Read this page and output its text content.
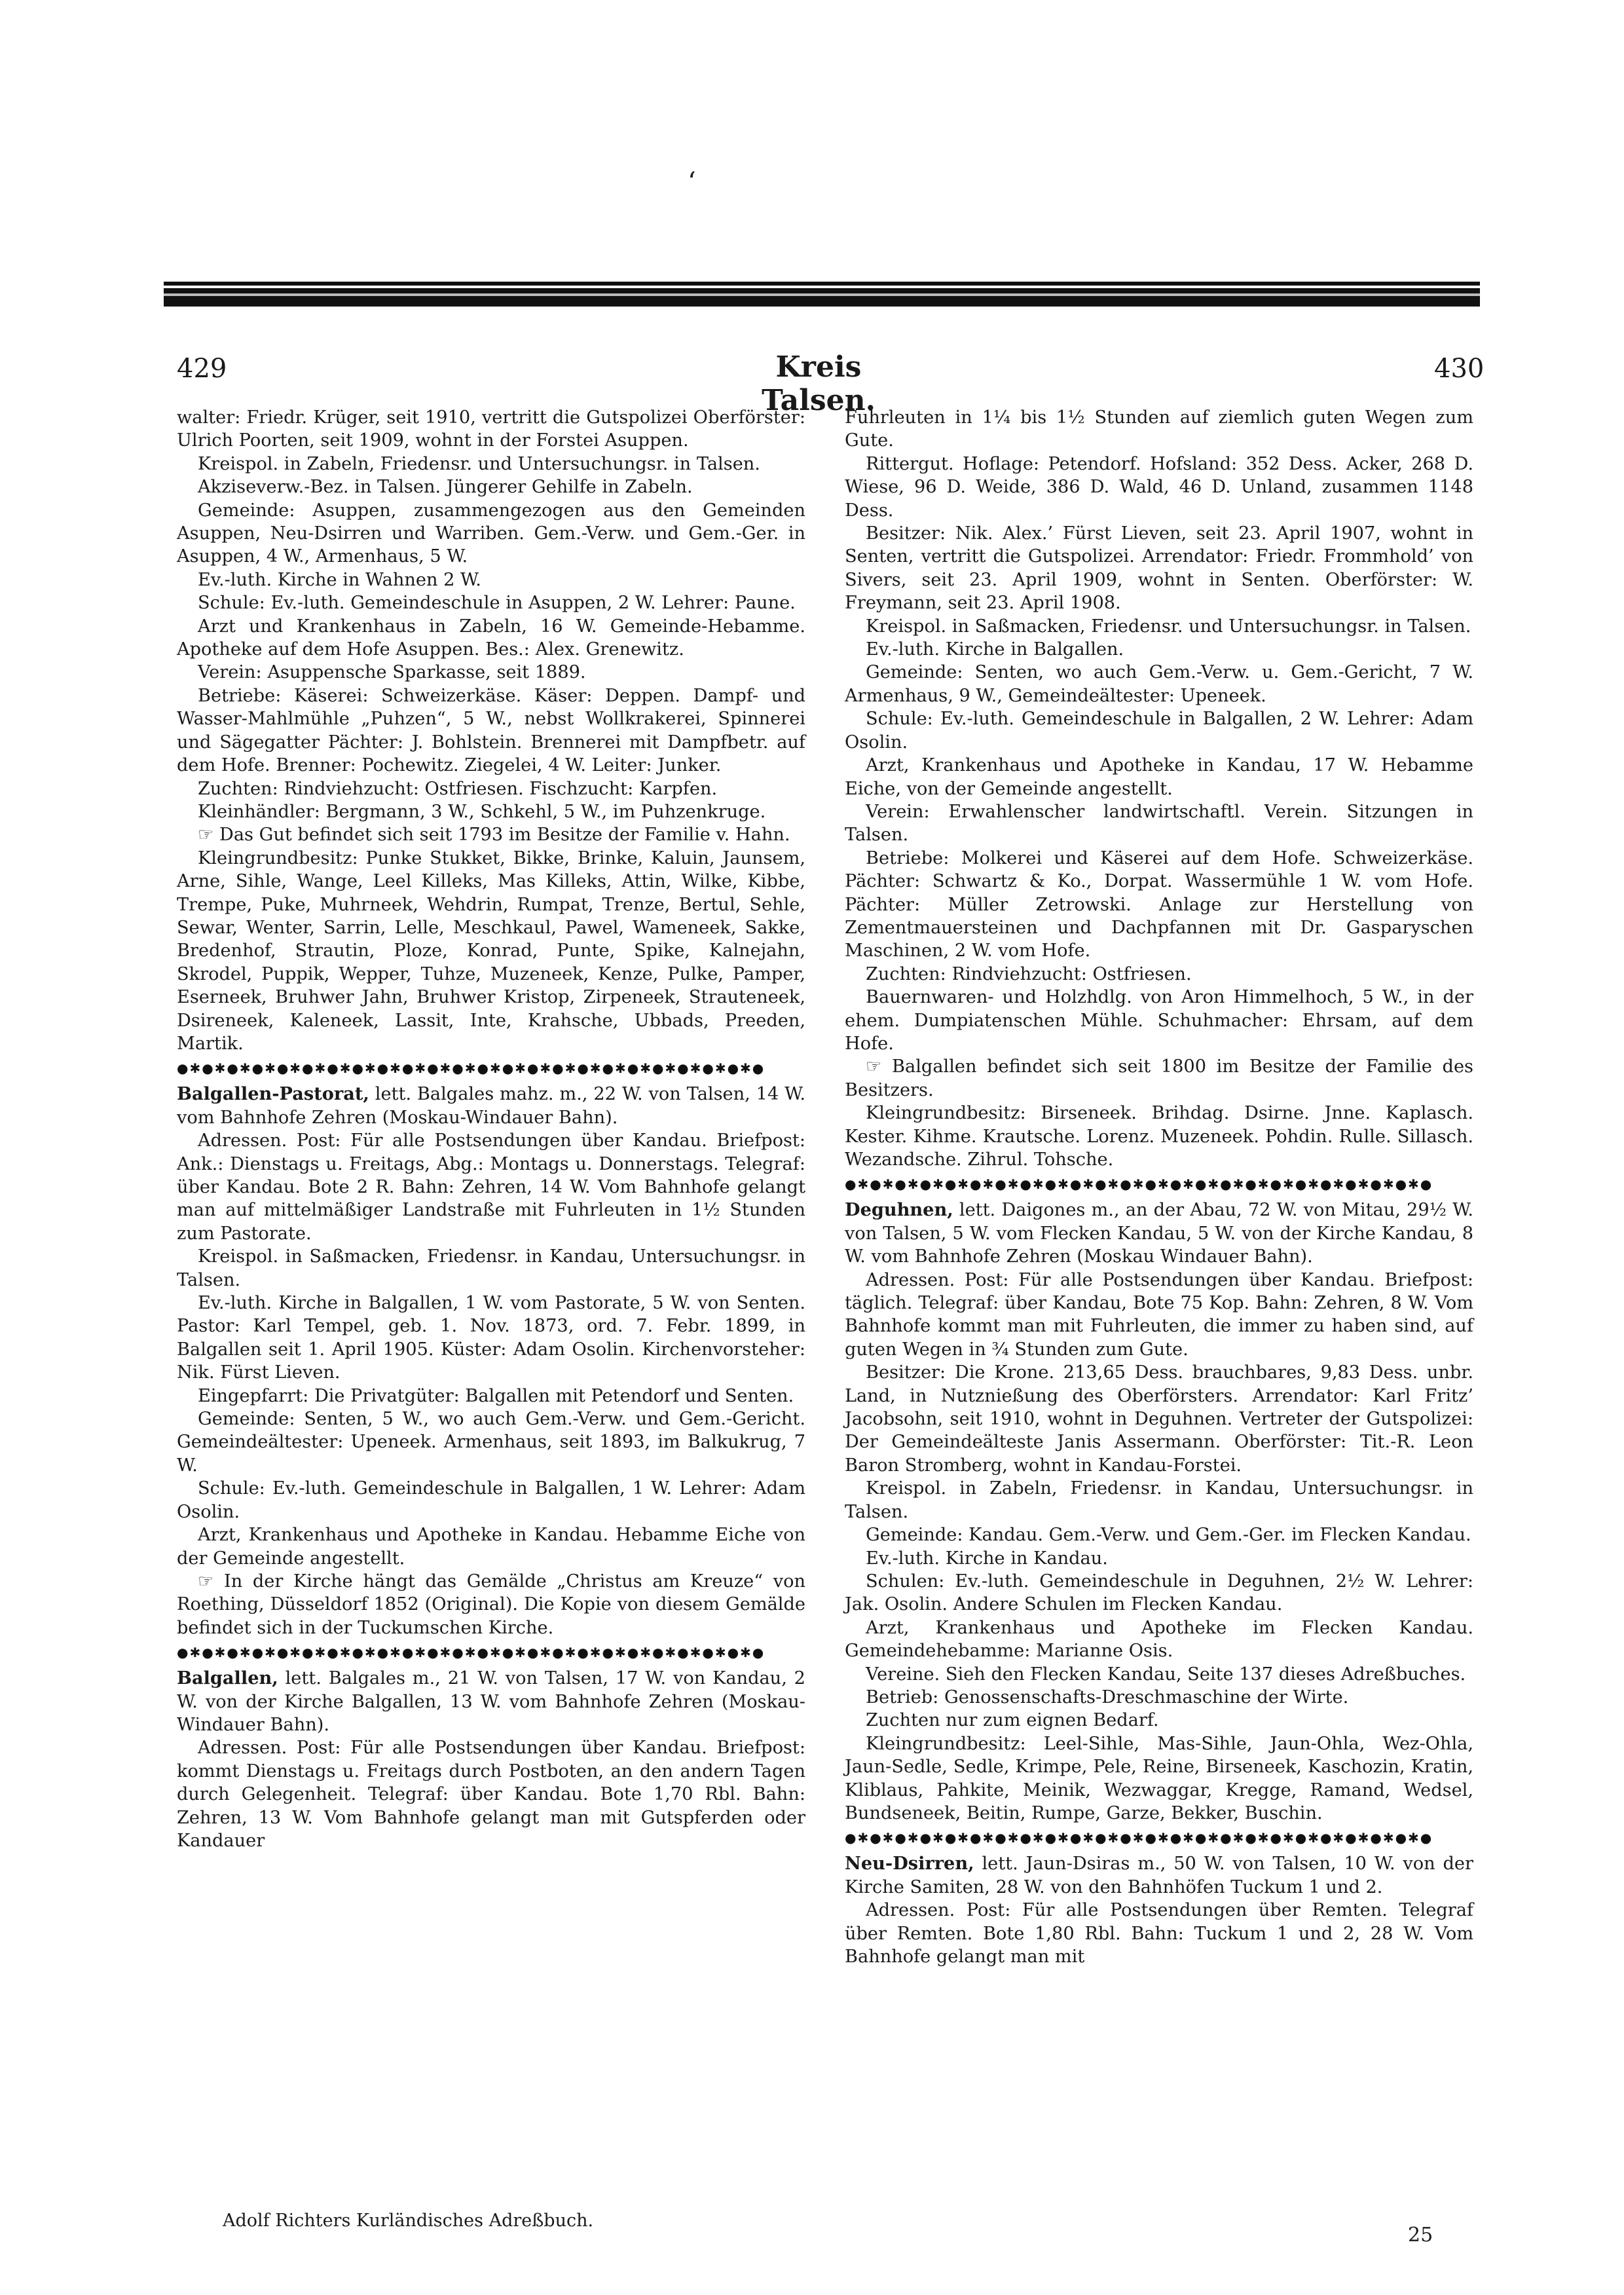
‘
429	Kreis Talsen.
430

walter: Friedr. Krüger, seit 1910, vertritt die Gutspolizei Oberförster: Ulrich Poorten, seit 1909, wohnt in der Forstei Asuppen.

Kreispol. in Zabeln, Friedensr. und Untersuchungsr. in Talsen.

Akziseverw.-Bez. in Talsen. Jüngerer Gehilfe in Zabeln.

Gemeinde: Asuppen, zusammengezogen aus den Gemeinden Asuppen, Neu-Dsirren und Warriben. Gem.-Verw. und Gem.-Ger. in Asuppen, 4 W., Armenhaus, 5 W.

Ev.-luth. Kirche in Wahnen 2 W.

Schule: Ev.-luth. Gemeindeschule in Asuppen, 2 W. Lehrer: Paune.

Arzt und Krankenhaus in Zabeln, 16 W. Gemeinde-Hebamme. Apotheke auf dem Hofe Asuppen. Bes.: Alex. Grenewitz.

Verein: Asuppensche Sparkasse, seit 1889.

Betriebe: Käserei: Schweizerkäse. Käser: Deppen. Dampf- und Wasser-Mahlmühle „Puhzen“, 5 W., nebst Wollkrakerei, Spinnerei und Sägegatter Pächter: J. Bohlstein. Brennerei mit Dampfbetr. auf dem Hofe. Brenner: Pochewitz. Ziegelei, 4 W. Leiter: Junker.

Zuchten: Rindviehzucht: Ostfriesen. Fischzucht: Karpfen.

Kleinhändler: Bergmann, 3 W., Schkehl, 5 W., im Puhzenkruge.

☞ Das Gut befindet sich seit 1793 im Besitze der Familie v. Hahn.

Kleingrundbesitz: Punke Stukket, Bikke, Brinke, Kaluin, Jaunsem, Arne, Sihle, Wange, Leel Killeks, Mas Killeks, Attin, Wilke, Kibbe, Trempe, Puke, Muhrneek, Wehdrin, Rumpat, Trenze, Bertul, Sehle, Sewar, Wenter, Sarrin, Lelle, Meschkaul, Pawel, Wameneek, Sakke, Bredenhof, Strautin, Ploze, Konrad, Punte, Spike, Kalnejahn, Skrodel, Puppik, Wepper, Tuhze, Muzeneek, Kenze, Pulke, Pamper, Eserneek, Bruhwer Jahn, Bruhwer Kristop, Zirpeneek, Strauteneek, Dsireneek, Kaleneek, Lassit, Inte, Krahsche, Ubbads, Preeden, Martik.

●✱●✱●✱●✱●✱●✱●✱●✱●✱●✱●✱●✱●✱●✱●✱●✱●✱●✱●✱●✱●✱●✱●✱●

Balgallen-Pastorat, lett. Balgales mahz. m., 22 W. von Talsen, 14 W. vom Bahnhofe Zehren (Moskau-Windauer Bahn).

Adressen. Post: Für alle Postsendungen über Kandau. Briefpost: Ank.: Dienstags u. Freitags, Abg.: Montags u. Donnerstags. Telegraf: über Kandau. Bote 2 R. Bahn: Zehren, 14 W. Vom Bahnhofe gelangt man auf mittelmäßiger Landstraße mit Fuhrleuten in 1½ Stunden zum Pastorate.

Kreispol. in Saßmacken, Friedensr. in Kandau, Untersuchungsr. in Talsen.

Ev.-luth. Kirche in Balgallen, 1 W. vom Pastorate, 5 W. von Senten. Pastor: Karl Tempel, geb. 1. Nov. 1873, ord. 7. Febr. 1899, in Balgallen seit 1. April 1905. Küster: Adam Osolin. Kirchenvorsteher: Nik. Fürst Lieven.

Eingepfarrt: Die Privatgüter: Balgallen mit Petendorf und Senten.

Gemeinde: Senten, 5 W., wo auch Gem.-Verw. und Gem.-Gericht. Gemeindeältester: Upeneek. Armenhaus, seit 1893, im Balkukrug, 7 W.

Schule: Ev.-luth. Gemeindeschule in Balgallen, 1 W. Lehrer: Adam Osolin.

Arzt, Krankenhaus und Apotheke in Kandau. Hebamme Eiche von der Gemeinde angestellt.

☞ In der Kirche hängt das Gemälde „Christus am Kreuze“ von Roething, Düsseldorf 1852 (Original). Die Kopie von diesem Gemälde befindet sich in der Tuckumschen Kirche.

●✱●✱●✱●✱●✱●✱●✱●✱●✱●✱●✱●✱●✱●✱●✱●✱●✱●✱●✱●✱●✱●✱●✱●

Balgallen, lett. Balgales m., 21 W. von Talsen, 17 W. von Kandau, 2 W. von der Kirche Balgallen, 13 W. vom Bahnhofe Zehren (Moskau-Windauer Bahn).

Adressen. Post: Für alle Postsendungen über Kandau. Briefpost: kommt Dienstags u. Freitags durch Postboten, an den andern Tagen durch Gelegenheit. Telegraf: über Kandau. Bote 1,70 Rbl. Bahn: Zehren, 13 W. Vom Bahnhofe gelangt man mit Gutspferden oder Kandauer

Fuhrleuten in 1¼ bis 1½ Stunden auf ziemlich guten Wegen zum Gute.

Rittergut. Hoflage: Petendorf. Hofsland: 352 Dess. Acker, 268 D. Wiese, 96 D. Weide, 386 D. Wald, 46 D. Unland, zusammen 1148 Dess.

Besitzer: Nik. Alex.’ Fürst Lieven, seit 23. April 1907, wohnt in Senten, vertritt die Gutspolizei. Arrendator: Friedr. Frommhold’ von Sivers, seit 23. April 1909, wohnt in Senten. Oberförster: W. Freymann, seit 23. April 1908.

Kreispol. in Saßmacken, Friedensr. und Untersuchungsr. in Talsen.

Ev.-luth. Kirche in Balgallen.

Gemeinde: Senten, wo auch Gem.-Verw. u. Gem.-Gericht, 7 W. Armenhaus, 9 W., Gemeindeältester: Upeneek.

Schule: Ev.-luth. Gemeindeschule in Balgallen, 2 W. Lehrer: Adam Osolin.

Arzt, Krankenhaus und Apotheke in Kandau, 17 W. Hebamme Eiche, von der Gemeinde angestellt.

Verein: Erwahlenscher landwirtschaftl. Verein. Sitzungen in Talsen.

Betriebe: Molkerei und Käserei auf dem Hofe. Schweizerkäse. Pächter: Schwartz & Ko., Dorpat. Wassermühle 1 W. vom Hofe. Pächter: Müller Zetrowski. Anlage zur Herstellung von Zementmauersteinen und Dachpfannen mit Dr. Gasparyschen Maschinen, 2 W. vom Hofe.

Zuchten: Rindviehzucht: Ostfriesen.

Bauernwaren- und Holzhdlg. von Aron Himmelhoch, 5 W., in der ehem. Dumpiatenschen Mühle. Schuhmacher: Ehrsam, auf dem Hofe.

☞ Balgallen befindet sich seit 1800 im Besitze der Familie des Besitzers.

Kleingrundbesitz: Birseneek. Brihdag. Dsirne. Jnne. Kaplasch. Kester. Kihme. Krautsche. Lorenz. Muzeneek. Pohdin. Rulle. Sillasch. Wezandsche. Zihrul. Tohsche.

●✱●✱●✱●✱●✱●✱●✱●✱●✱●✱●✱●✱●✱●✱●✱●✱●✱●✱●✱●✱●✱●✱●✱●

Deguhnen, lett. Daigones m., an der Abau, 72 W. von Mitau, 29½ W. von Talsen, 5 W. vom Flecken Kandau, 5 W. von der Kirche Kandau, 8 W. vom Bahnhofe Zehren (Moskau Windauer Bahn).

Adressen. Post: Für alle Postsendungen über Kandau. Briefpost: täglich. Telegraf: über Kandau, Bote 75 Kop. Bahn: Zehren, 8 W. Vom Bahnhofe kommt man mit Fuhrleuten, die immer zu haben sind, auf guten Wegen in ¾ Stunden zum Gute.

Besitzer: Die Krone. 213,65 Dess. brauchbares, 9,83 Dess. unbr. Land, in Nutznießung des Oberförsters. Arrendator: Karl Fritz’ Jacobsohn, seit 1910, wohnt in Deguhnen. Vertreter der Gutspolizei: Der Gemeindeälteste Janis Assermann. Oberförster: Tit.-R. Leon Baron Stromberg, wohnt in Kandau-Forstei.

Kreispol. in Zabeln, Friedensr. in Kandau, Untersuchungsr. in Talsen.

Gemeinde: Kandau. Gem.-Verw. und Gem.-Ger. im Flecken Kandau.

Ev.-luth. Kirche in Kandau.

Schulen: Ev.-luth. Gemeindeschule in Deguhnen, 2½ W. Lehrer: Jak. Osolin. Andere Schulen im Flecken Kandau.

Arzt, Krankenhaus und Apotheke im Flecken Kandau. Gemeindehebamme: Marianne Osis.

Vereine. Sieh den Flecken Kandau, Seite 137 dieses Adreßbuches.

Betrieb: Genossenschafts-Dreschmaschine der Wirte.

Zuchten nur zum eignen Bedarf.

Kleingrundbesitz: Leel-Sihle, Mas-Sihle, Jaun-Ohla, Wez-Ohla, Jaun-Sedle, Sedle, Krimpe, Pele, Reine, Birseneek, Kaschozin, Kratin, Kliblaus, Pahkite, Meinik, Wezwaggar, Kregge, Ramand, Wedsel, Bundseneek, Beitin, Rumpe, Garze, Bekker, Buschin.

●✱●✱●✱●✱●✱●✱●✱●✱●✱●✱●✱●✱●✱●✱●✱●✱●✱●✱●✱●✱●✱●✱●✱●

Neu-Dsirren, lett. Jaun-Dsiras m., 50 W. von Talsen, 10 W. von der Kirche Samiten, 28 W. von den Bahnhöfen Tuckum 1 und 2.

Adressen. Post: Für alle Postsendungen über Remten. Telegraf über Remten. Bote 1,80 Rbl. Bahn: Tuckum 1 und 2, 28 W. Vom Bahnhofe gelangt man mit

Adolf Richters Kurländisches Adreßbuch.
25
